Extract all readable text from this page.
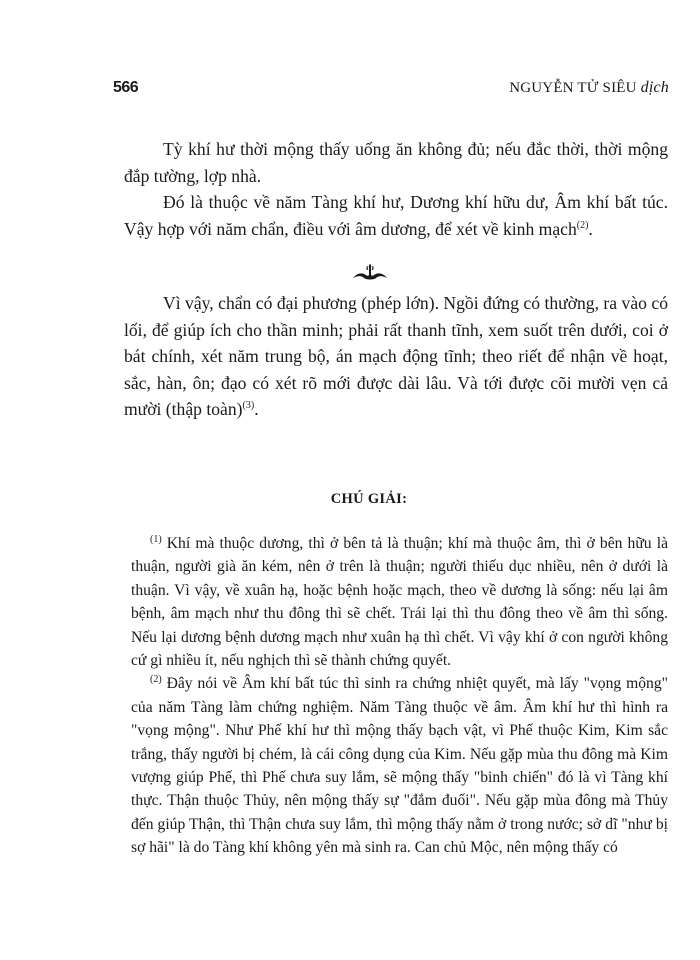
566	NGUYỄN TỬ SIÊU dịch

Tỳ khí hư thời mộng thấy uống ăn không đủ; nếu đắc thời, thời mộng đắp tường, lợp nhà.

Đó là thuộc về năm Tàng khí hư, Dương khí hữu dư, Âm khí bất túc. Vậy hợp với năm chẩn, điều với âm dương, để xét về kinh mạch$^{(2)}$.

Vì vậy, chẩn có đại phương (phép lớn). Ngồi đứng có thường, ra vào có lối, để giúp ích cho thần minh; phải rất thanh tĩnh, xem suốt trên dưới, coi ở bát chính, xét năm trung bộ, án mạch động tĩnh; theo riết để nhận về hoạt, sắc, hàn, ôn; đạo có xét rõ mới được dài lâu. Và tới được cõi mười vẹn cả mười (thập toàn)$^{(3)}$.

CHÚ GIẢI:

$^{(1)}$ Khí mà thuộc dương, thì ở bên tả là thuận; khí mà thuộc âm, thì ở bên hữu là thuận, người già ăn kém, nên ở trên là thuận; người thiếu dục nhiều, nên ở dưới là thuận. Vì vậy, về xuân hạ, hoặc bệnh hoặc mạch, theo về dương là sống: nếu lại âm bệnh, âm mạch như thu đông thì sẽ chết. Trái lại thì thu đông theo về âm thì sống. Nếu lại dương bệnh dương mạch như xuân hạ thì chết. Vì vậy khí ở con người không cứ gì nhiều ít, nếu nghịch thì sẽ thành chứng quyết.

$^{(2)}$ Đây nói về Âm khí bất túc thì sinh ra chứng nhiệt quyết, mà lấy "vọng mộng" của năm Tàng làm chứng nghiệm. Năm Tàng thuộc về âm. Âm khí hư thì hình ra "vọng mộng". Như Phế khí hư thì mộng thấy bạch vật, vì Phế thuộc Kim, Kim sắc trắng, thấy người bị chém, là cái công dụng của Kim. Nếu gặp mùa thu đông mà Kim vượng giúp Phế, thì Phế chưa suy lắm, sẽ mộng thấy "binh chiến" đó là vì Tàng khí thực. Thận thuộc Thủy, nên mộng thấy sự "đắm đuối". Nếu gặp mùa đông mà Thủy đến giúp Thận, thì Thận chưa suy lắm, thì mộng thấy nằm ở trong nước; sở dĩ "như bị sợ hãi" là do Tàng khí không yên mà sinh ra. Can chủ Mộc, nên mộng thấy có
